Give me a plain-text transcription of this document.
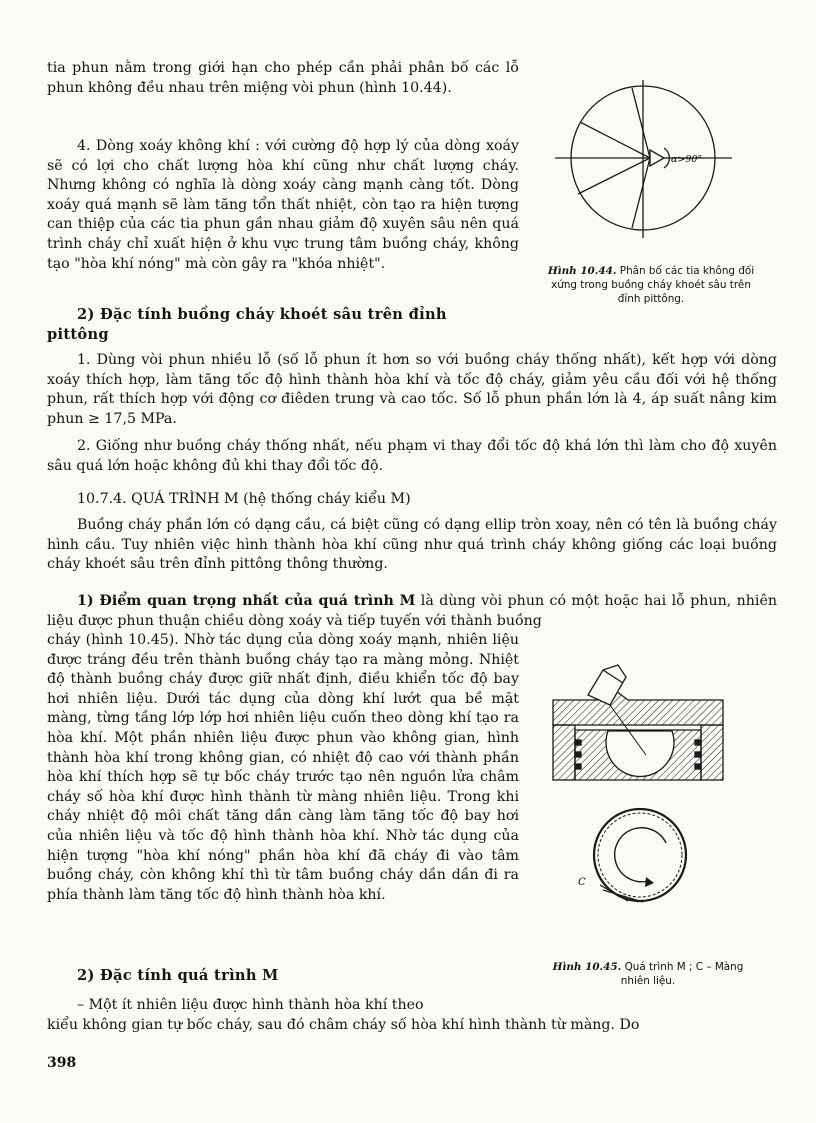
tia phun nằm trong giới hạn cho phép cần phải phân bố các lỗ phun không đều nhau trên miệng vòi phun (hình 10.44).

4. Dòng xoáy không khí : với cường độ hợp lý của dòng xoáy sẽ có lợi cho chất lượng hòa khí cũng như chất lượng cháy. Nhưng không có nghĩa là dòng xoáy càng mạnh càng tốt. Dòng xoáy quá mạnh sẽ làm tăng tổn thất nhiệt, còn tạo ra hiện tượng can thiệp của các tia phun gần nhau giảm độ xuyên sâu nên quá trình cháy chỉ xuất hiện ở khu vực trung tâm buồng cháy, không tạo "hòa khí nóng" mà còn gây ra "khóa nhiệt".

2) Đặc tính buồng cháy khoét sâu trên đỉnh

pittông

α>90°

Hình 10.44. Phân bố các tia không đối xứng trong buồng cháy khoét sâu trên đỉnh pittông.

1. Dùng vòi phun nhiều lỗ (số lỗ phun ít hơn so với buồng cháy thống nhất), kết hợp với dòng xoáy thích hợp, làm tăng tốc độ hình thành hòa khí và tốc độ cháy, giảm yêu cầu đối với hệ thống phun, rất thích hợp với động cơ điêden trung và cao tốc. Số lỗ phun phần lớn là 4, áp suất nâng kim phun ≥ 17,5 MPa.

2. Giống như buồng cháy thống nhất, nếu phạm vi thay đổi tốc độ khá lớn thì làm cho độ xuyên sâu quá lớn hoặc không đủ khi thay đổi tốc độ.

10.7.4. QUÁ TRÌNH M (hệ thống cháy kiểu M)

Buồng cháy phần lớn có dạng cầu, cá biệt cũng có dạng ellip tròn xoay, nên có tên là buồng cháy hình cầu. Tuy nhiên việc hình thành hòa khí cũng như quá trình cháy không giống các loại buồng cháy khoét sâu trên đỉnh pittông thông thường.

1) Điểm quan trọng nhất của quá trình M là dùng vòi phun có một hoặc hai lỗ phun, nhiên liệu được phun thuận chiều dòng xoáy và tiếp tuyến với thành buồng

cháy (hình 10.45). Nhờ tác dụng của dòng xoáy mạnh, nhiên liệu được tráng đều trên thành buồng cháy tạo ra màng mỏng. Nhiệt độ thành buồng cháy được giữ nhất định, điều khiển tốc độ bay hơi nhiên liệu. Dưới tác dụng của dòng khí lướt qua bề mặt màng, từng tầng lớp lớp hơi nhiên liệu cuốn theo dòng khí tạo ra hòa khí. Một phần nhiên liệu được phun vào không gian, hình thành hòa khí trong không gian, có nhiệt độ cao với thành phần hòa khí thích hợp sẽ tự bốc cháy trước tạo nên nguồn lửa châm cháy số hòa khí được hình thành từ màng nhiên liệu. Trong khi cháy nhiệt độ môi chất tăng dần càng làm tăng tốc độ bay hơi của nhiên liệu và tốc độ hình thành hòa khí. Nhờ tác dụng của hiện tượng "hòa khí nóng" phần hòa khí đã cháy đi vào tâm buồng cháy, còn không khí thì từ tâm buồng cháy dần dần đi ra phía thành làm tăng tốc độ hình thành hòa khí.

C

Hình 10.45. Quá trình M ; C – Màng nhiên liệu.

2) Đặc tính quá trình M

– Một ít nhiên liệu được hình thành hòa khí theo

kiểu không gian tự bốc cháy, sau đó châm cháy số hòa khí hình thành từ màng. Do

398
